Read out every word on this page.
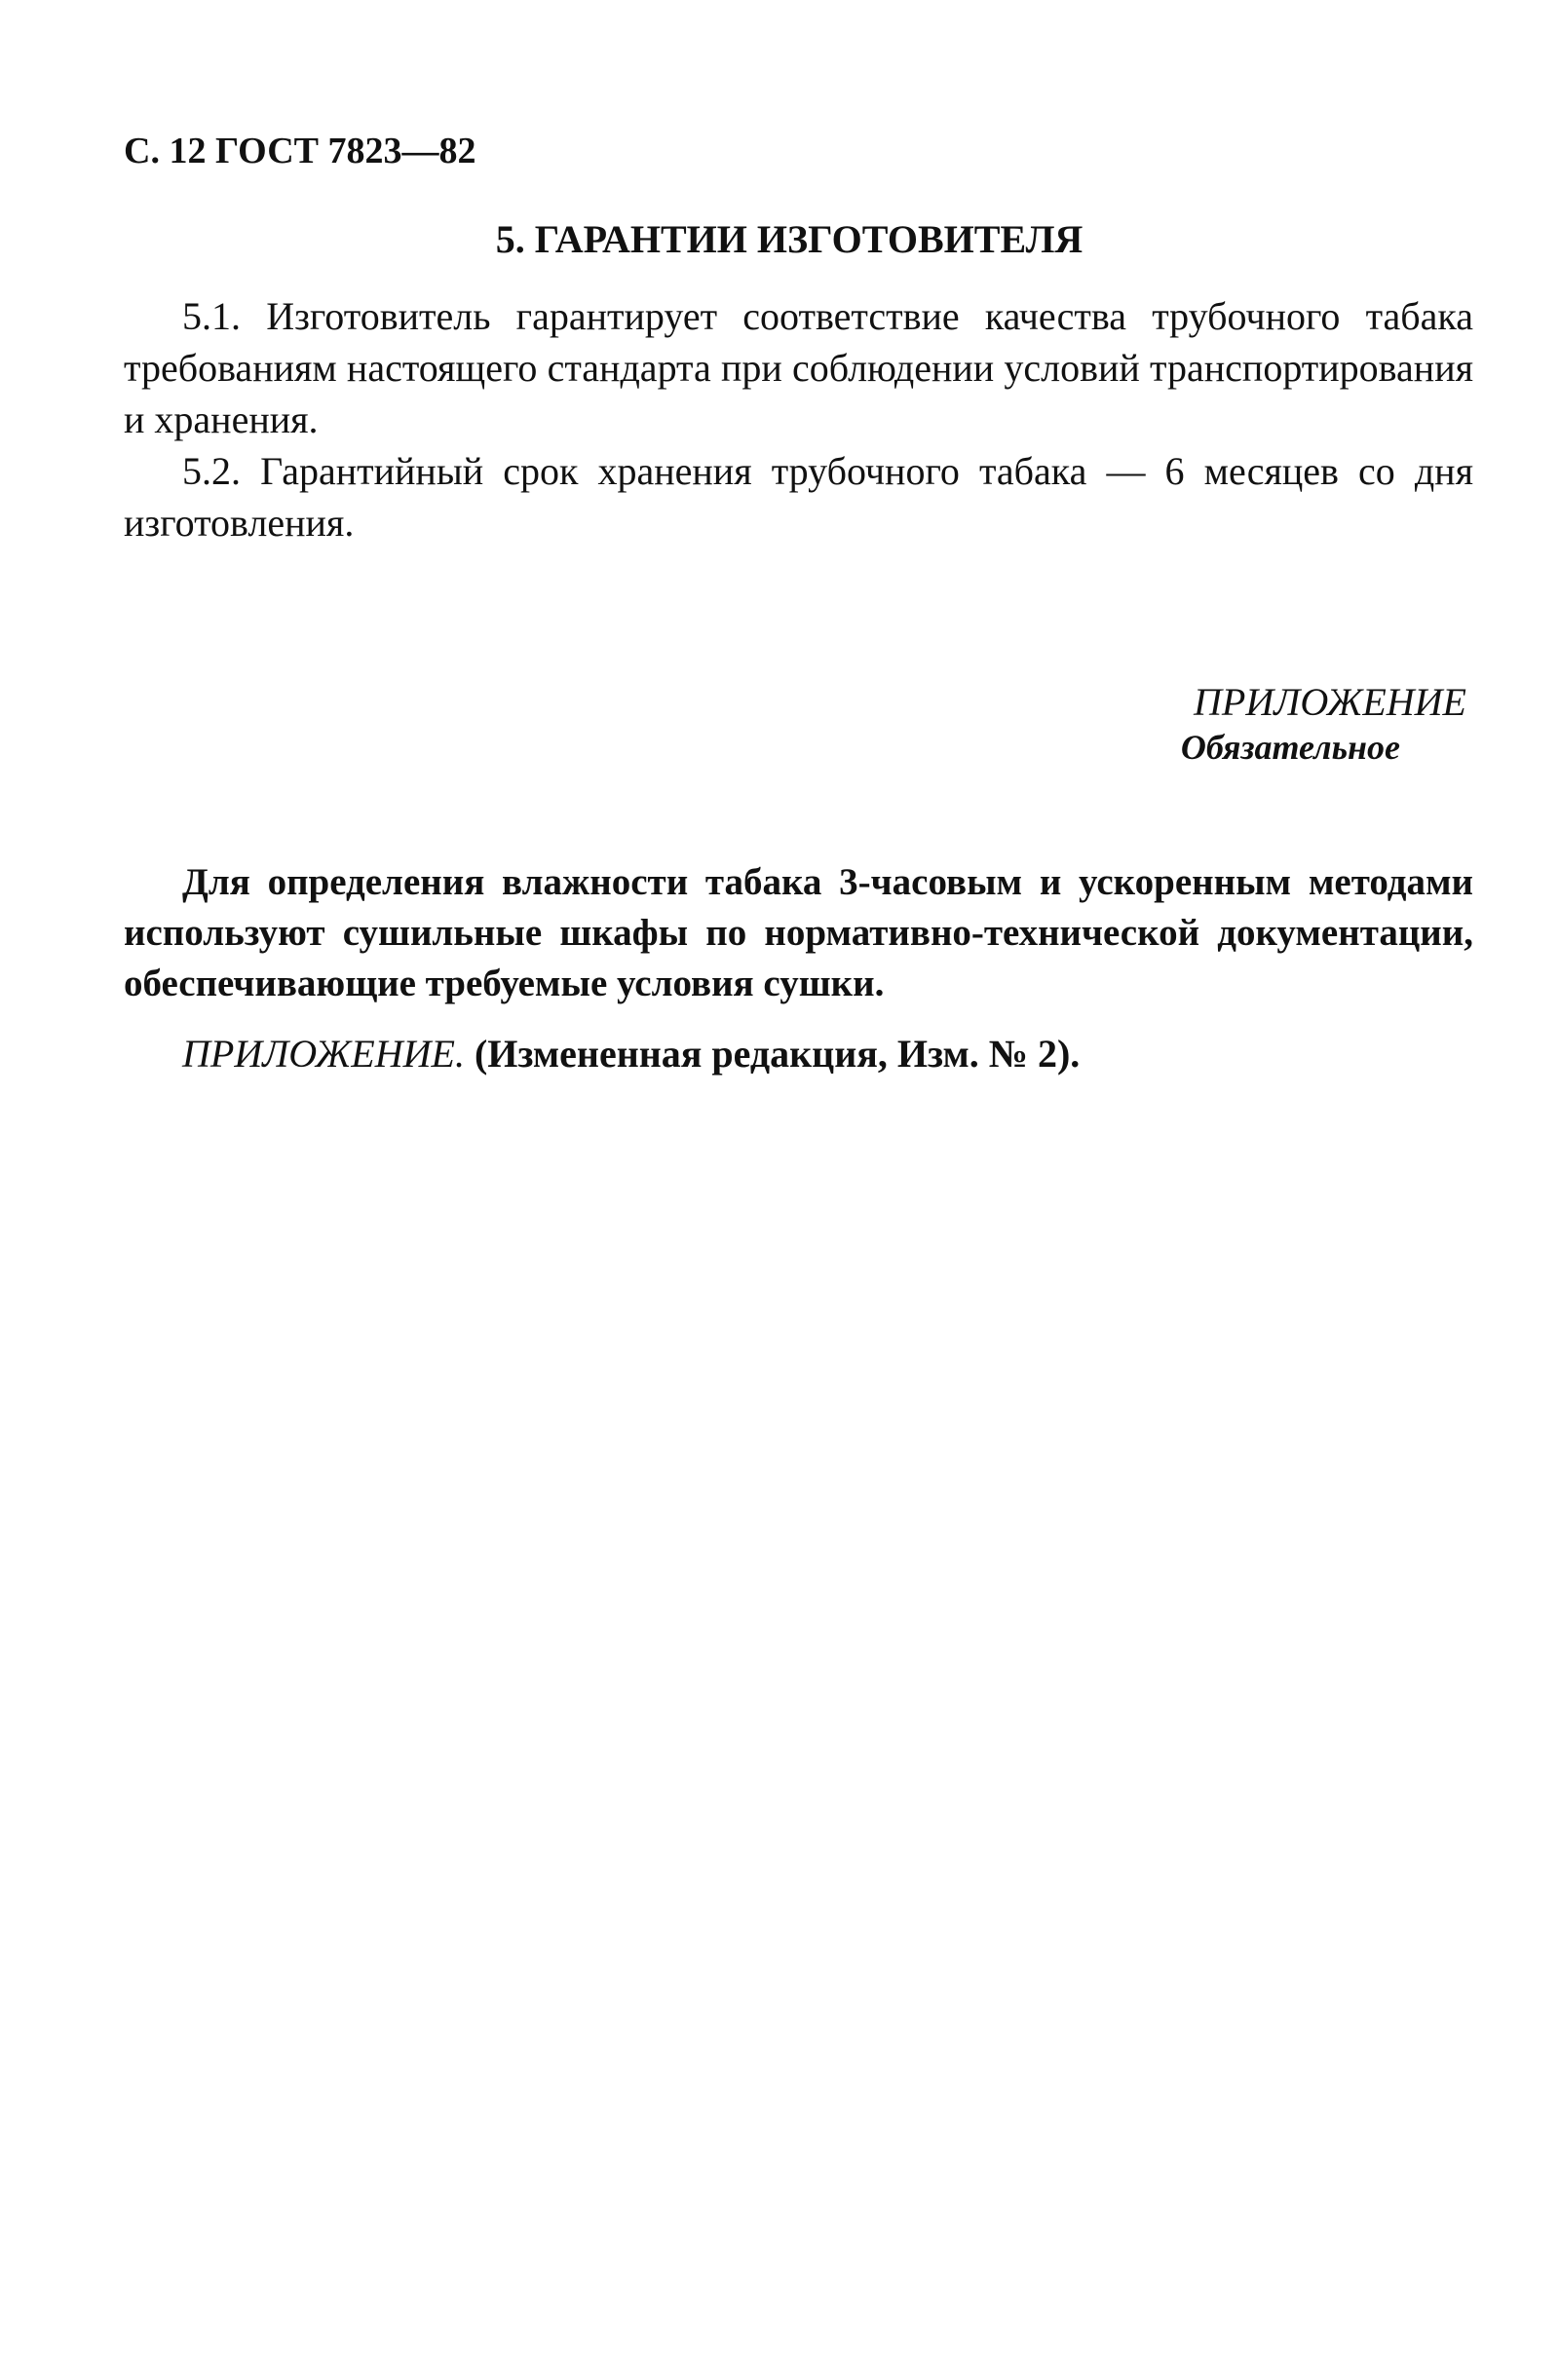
С. 12 ГОСТ 7823—82
5. ГАРАНТИИ ИЗГОТОВИТЕЛЯ
5.1. Изготовитель гарантирует соответствие качества трубочного табака требованиям настоящего стандарта при соблюдении условий транспортирования и хранения.
5.2. Гарантийный срок хранения трубочного табака — 6 месяцев со дня изготовления.
ПРИЛОЖЕНИЕ
Обязательное
Для определения влажности табака 3-часовым и ускоренным методами используют сушильные шкафы по нормативно-технической документации, обеспечивающие требуемые условия сушки.
ПРИЛОЖЕНИЕ. (Измененная редакция, Изм. № 2).
